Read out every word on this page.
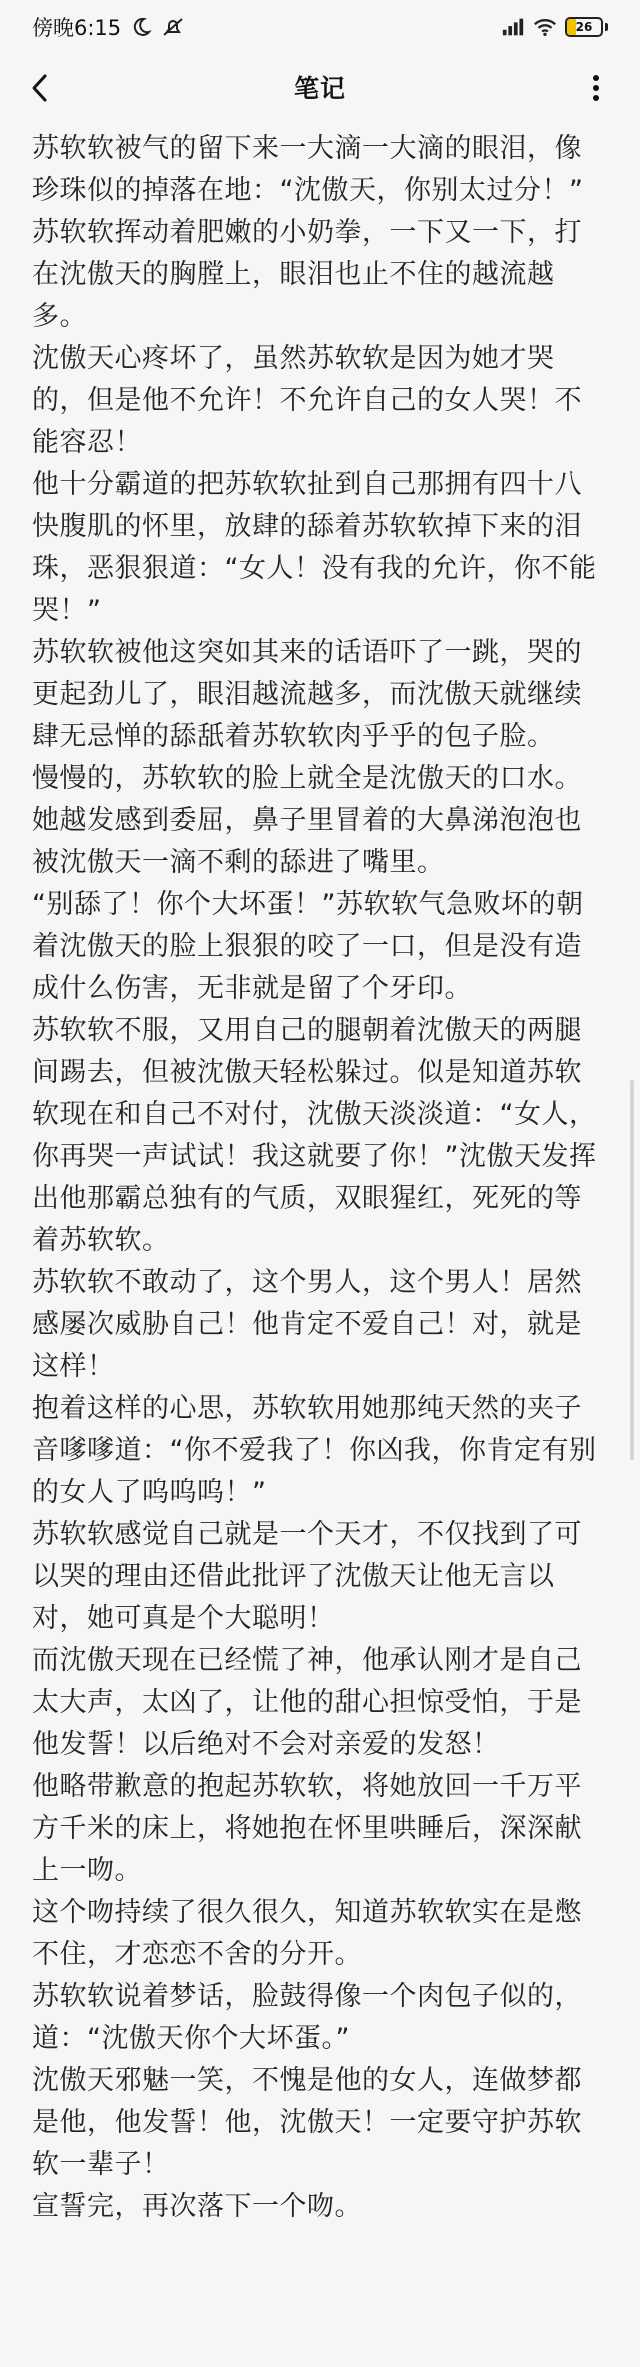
傍晚6:15	26
笔记

苏软软被气的留下来一大滴一大滴的眼泪，像珍珠似的掉落在地：“沈傲天，你别太过分！”

苏软软挥动着肥嫩的小奶拳，一下又一下，打在沈傲天的胸膛上，眼泪也止不住的越流越多。

沈傲天心疼坏了，虽然苏软软是因为她才哭的，但是他不允许！不允许自己的女人哭！不能容忍！

他十分霸道的把苏软软扯到自己那拥有四十八快腹肌的怀里，放肆的舔着苏软软掉下来的泪珠，恶狠狠道：“女人！没有我的允许，你不能哭！”

苏软软被他这突如其来的话语吓了一跳，哭的更起劲儿了，眼泪越流越多，而沈傲天就继续肆无忌惮的舔舐着苏软软肉乎乎的包子脸。

慢慢的，苏软软的脸上就全是沈傲天的口水。

她越发感到委屈，鼻子里冒着的大鼻涕泡泡也被沈傲天一滴不剩的舔进了嘴里。

“别舔了！你个大坏蛋！”苏软软气急败坏的朝着沈傲天的脸上狠狠的咬了一口，但是没有造成什么伤害，无非就是留了个牙印。

苏软软不服，又用自己的腿朝着沈傲天的两腿间踢去，但被沈傲天轻松躲过。似是知道苏软软现在和自己不对付，沈傲天淡淡道：“女人，你再哭一声试试！我这就要了你！”沈傲天发挥出他那霸总独有的气质，双眼猩红，死死的等着苏软软。

苏软软不敢动了，这个男人，这个男人！居然感屡次威胁自己！他肯定不爱自己！对，就是这样！

抱着这样的心思，苏软软用她那纯天然的夹子音嗲嗲道：“你不爱我了！你凶我，你肯定有别的女人了呜呜呜！”

苏软软感觉自己就是一个天才，不仅找到了可以哭的理由还借此批评了沈傲天让他无言以对，她可真是个大聪明！

而沈傲天现在已经慌了神，他承认刚才是自己太大声，太凶了，让他的甜心担惊受怕，于是他发誓！以后绝对不会对亲爱的发怒！

他略带歉意的抱起苏软软，将她放回一千万平方千米的床上，将她抱在怀里哄睡后，深深献上一吻。

这个吻持续了很久很久，知道苏软软实在是憋不住，才恋恋不舍的分开。

苏软软说着梦话，脸鼓得像一个肉包子似的，道：“沈傲天你个大坏蛋。”

沈傲天邪魅一笑，不愧是他的女人，连做梦都是他，他发誓！他，沈傲天！一定要守护苏软软一辈子！

宣誓完，再次落下一个吻。
